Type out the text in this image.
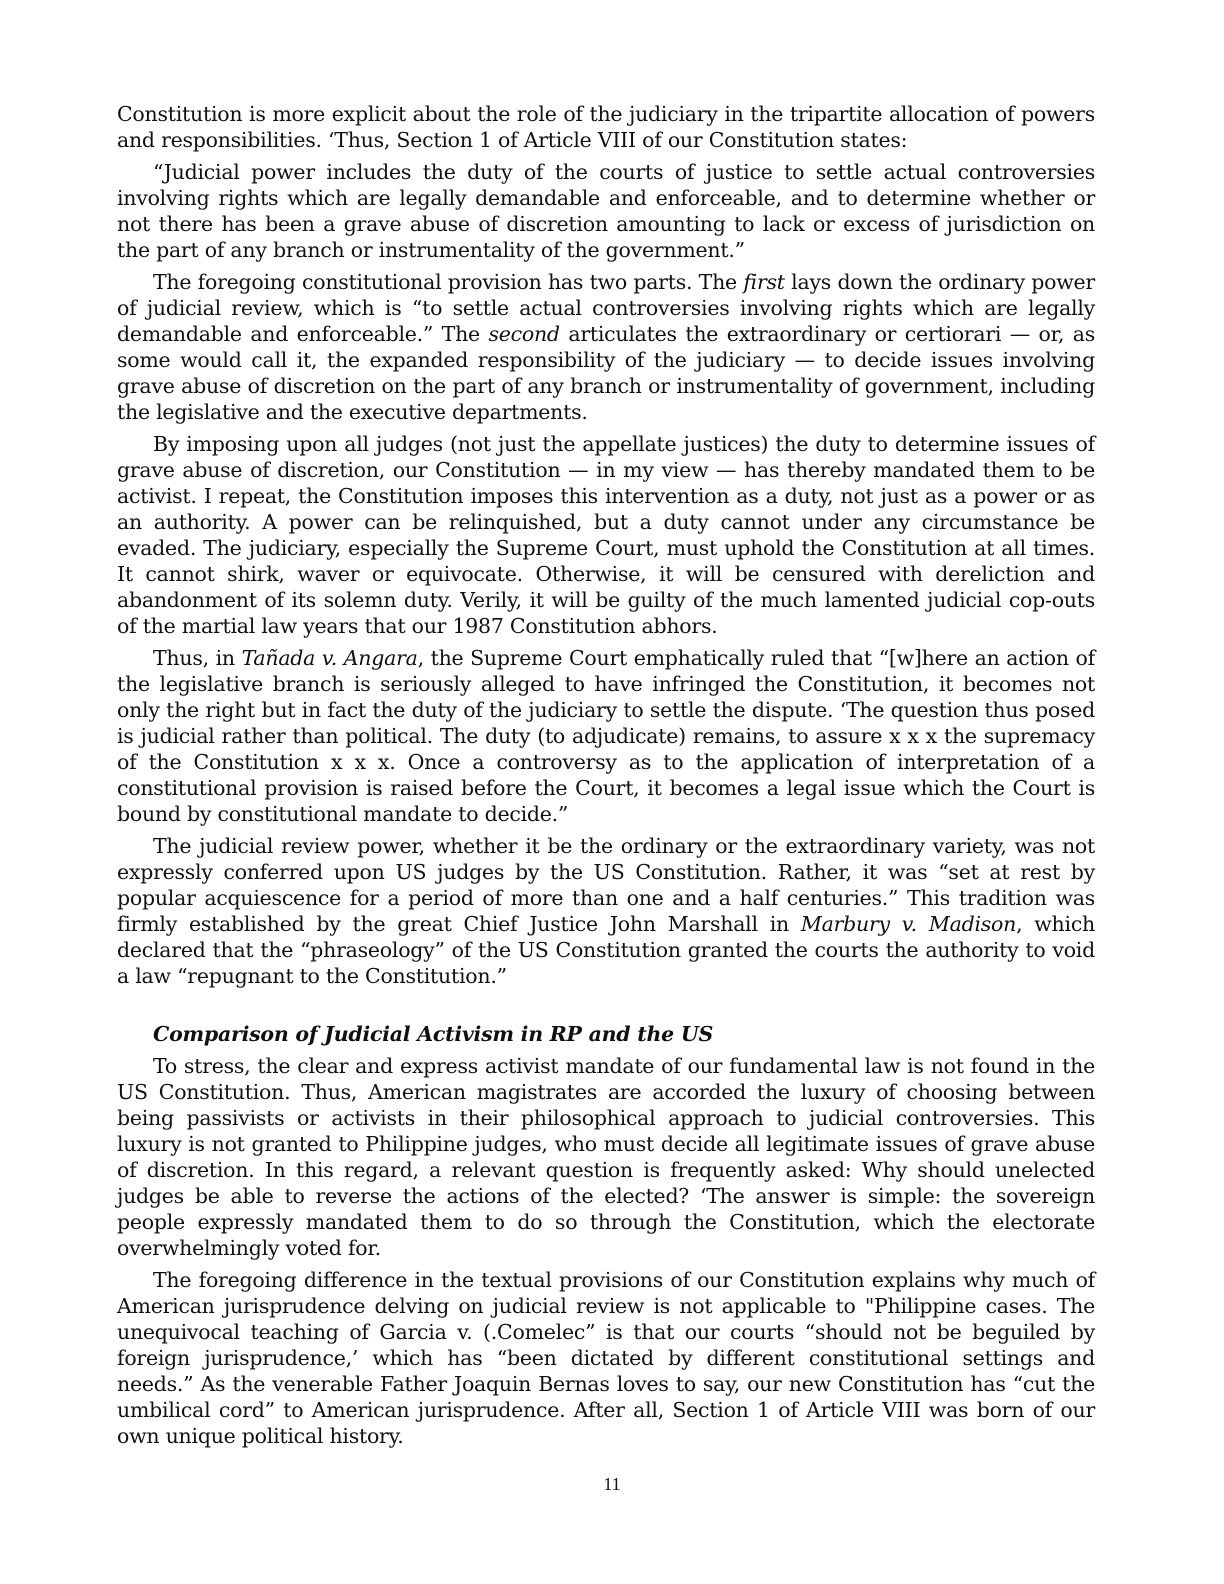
Constitution is more explicit about the role of the judiciary in the tripartite allocation of powers and responsibilities. ‘Thus, Section 1 of Article VIII of our Constitution states:

“Judicial power includes the duty of the courts of justice to settle actual controversies involving rights which are legally demandable and enforceable, and to determine whether or not there has been a grave abuse of discretion amounting to lack or excess of jurisdiction on the part of any branch or instrumentality of the government.”

The foregoing constitutional provision has two parts. The first lays down the ordinary power of judicial review, which is “to settle actual controversies involving rights which are legally demandable and enforceable.” The second articulates the extraordinary or certiorari — or, as some would call it, the expanded responsibility of the judiciary — to decide issues involving grave abuse of discretion on the part of any branch or instrumentality of government, including the legislative and the executive departments.

By imposing upon all judges (not just the appellate justices) the duty to determine issues of grave abuse of discretion, our Constitution — in my view — has thereby mandated them to be activist. I repeat, the Constitution imposes this intervention as a duty, not just as a power or as an authority. A power can be relinquished, but a duty cannot under any circumstance be evaded. The judiciary, especially the Supreme Court, must uphold the Constitution at all times. It cannot shirk, waver or equivocate. Otherwise, it will be censured with dereliction and abandonment of its solemn duty. Verily, it will be guilty of the much lamented judicial cop-outs of the martial law years that our 1987 Constitution abhors.

Thus, in Tañada v. Angara, the Supreme Court emphatically ruled that “[w]here an action of the legislative branch is seriously alleged to have infringed the Constitution, it becomes not only the right but in fact the duty of the judiciary to settle the dispute. ‘The question thus posed is judicial rather than political. The duty (to adjudicate) remains, to assure x x x the supremacy of the Constitution x x x. Once a controversy as to the application of interpretation of a constitutional provision is raised before the Court, it becomes a legal issue which the Court is bound by constitutional mandate to decide.”

The judicial review power, whether it be the ordinary or the extraordinary variety, was not expressly conferred upon US judges by the US Constitution. Rather, it was “set at rest by popular acquiescence for a period of more than one and a half centuries.” This tradition was firmly established by the great Chief Justice John Marshall in Marbury v. Madison, which declared that the “phraseology” of the US Constitution granted the courts the authority to void a law “repugnant to the Constitution.”

Comparison of Judicial Activism in RP and the US

To stress, the clear and express activist mandate of our fundamental law is not found in the US Constitution. Thus, American magistrates are accorded the luxury of choosing between being passivists or activists in their philosophical approach to judicial controversies. This luxury is not granted to Philippine judges, who must decide all legitimate issues of grave abuse of discretion. In this regard, a relevant question is frequently asked: Why should unelected judges be able to reverse the actions of the elected? ‘The answer is simple: the sovereign people expressly mandated them to do so through the Constitution, which the electorate overwhelmingly voted for.

The foregoing difference in the textual provisions of our Constitution explains why much of American jurisprudence delving on judicial review is not applicable to "Philippine cases. The unequivocal teaching of Garcia v. (.Comelec” is that our courts “should not be beguiled by foreign jurisprudence,’ which has “been dictated by different constitutional settings and needs.” As the venerable Father Joaquin Bernas loves to say, our new Constitution has “cut the umbilical cord” to American jurisprudence. After all, Section 1 of Article VIII was born of our own unique political history.

11
